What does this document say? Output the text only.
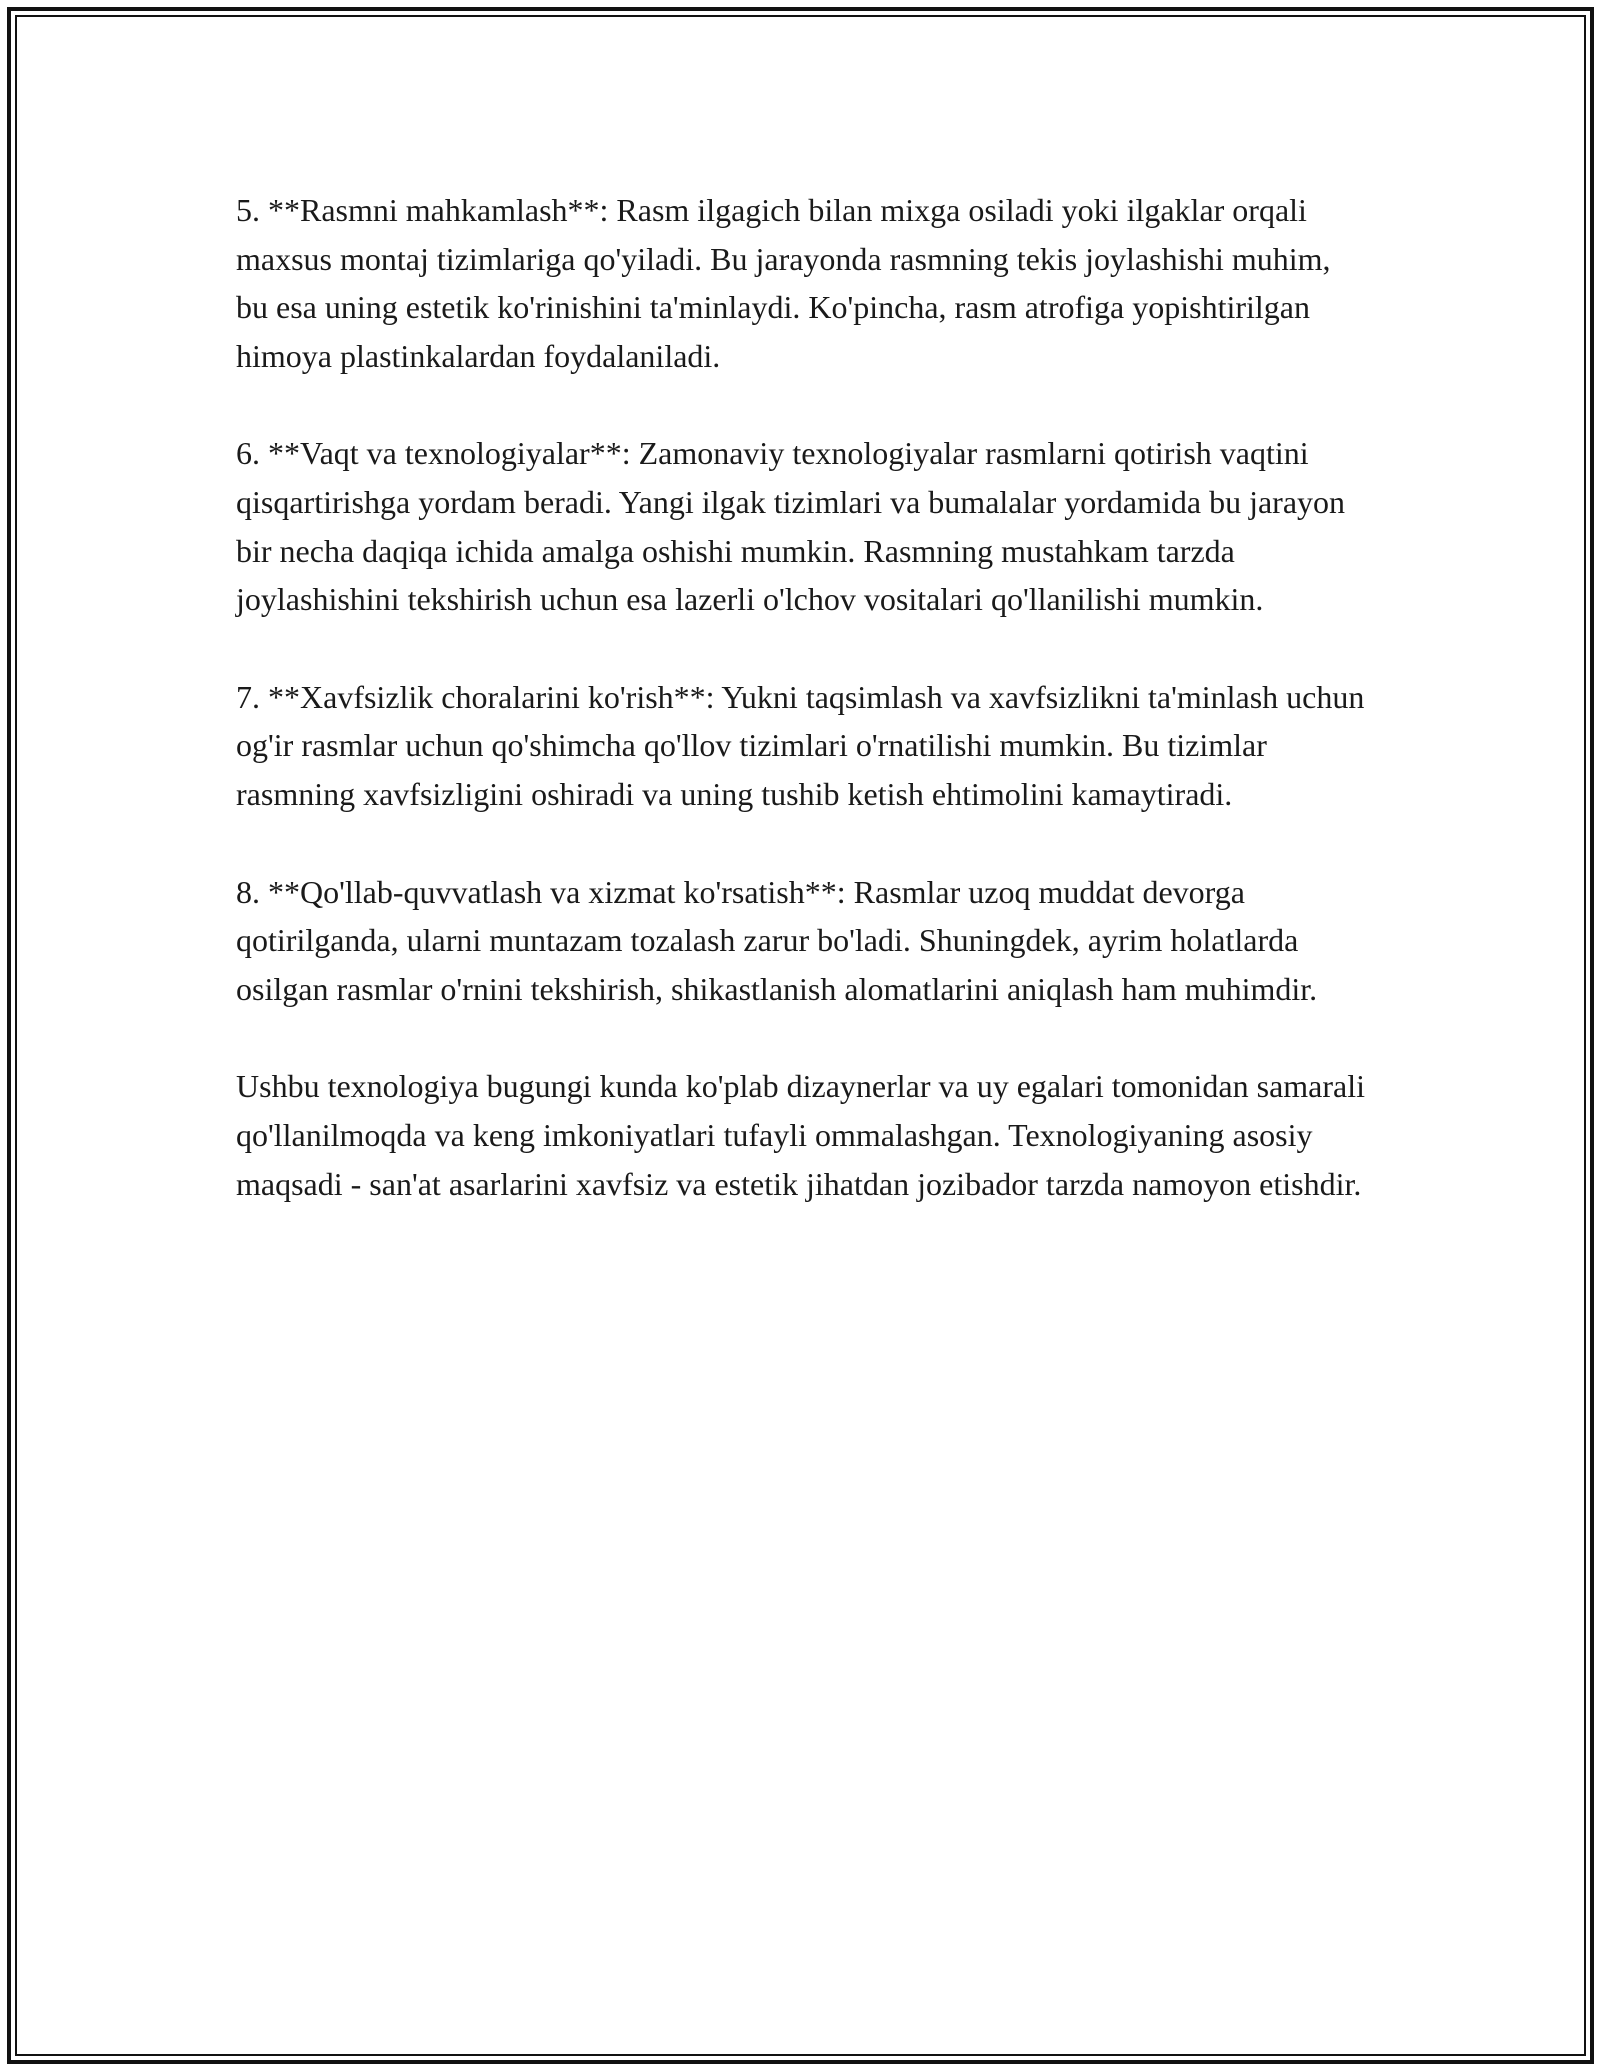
5. **Rasmni mahkamlash**: Rasm ilgagich bilan mixga osiladi yoki ilgaklar orqali maxsus montaj tizimlariga qo'yiladi. Bu jarayonda rasmning tekis joylashishi muhim, bu esa uning estetik ko'rinishini ta'minlaydi. Ko'pincha, rasm atrofiga yopishtirilgan himoya plastinkalardan foydalaniladi.

6. **Vaqt va texnologiyalar**: Zamonaviy texnologiyalar rasmlarni qotirish vaqtini qisqartirishga yordam beradi. Yangi ilgak tizimlari va bumalalar yordamida bu jarayon bir necha daqiqa ichida amalga oshishi mumkin. Rasmning mustahkam tarzda joylashishini tekshirish uchun esa lazerli o'lchov vositalari qo'llanilishi mumkin.

7. **Xavfsizlik choralarini ko'rish**: Yukni taqsimlash va xavfsizlikni ta'minlash uchun og'ir rasmlar uchun qo'shimcha qo'llov tizimlari o'rnatilishi mumkin. Bu tizimlar rasmning xavfsizligini oshiradi va uning tushib ketish ehtimolini kamaytiradi.

8. **Qo'llab-quvvatlash va xizmat ko'rsatish**: Rasmlar uzoq muddat devorga qotirilganda, ularni muntazam tozalash zarur bo'ladi. Shuningdek, ayrim holatlarda osilgan rasmlar o'rnini tekshirish, shikastlanish alomatlarini aniqlash ham muhimdir.

Ushbu texnologiya bugungi kunda ko'plab dizaynerlar va uy egalari tomonidan samarali qo'llanilmoqda va keng imkoniyatlari tufayli ommalashgan. Texnologiyaning asosiy maqsadi - san'at asarlarini xavfsiz va estetik jihatdan jozibador tarzda namoyon etishdir.
